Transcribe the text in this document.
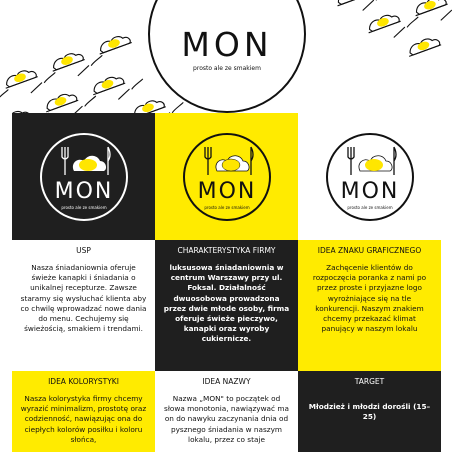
MON
prosto ale ze smakiem
MON
prosto ale ze smakiem
MON
prosto ale ze smakiem
MON
prosto ale ze smakiem
USP
Nasza śniadaniownia oferuje świeże kanapki i śniadania o unikalnej recepturze. Zawsze staramy się wysłuchać klienta aby co chwilę wprowadzać nowe dania do menu. Cechujemy się świeżością, smakiem i trendami.
CHARAKTERYSTYKA FIRMY
luksusowa śniadaniownia w centrum Warszawy przy ul. Foksal. Działalność dwuosobowa prowadzona przez dwie młode osoby, firma oferuje świeże pieczywo, kanapki oraz wyroby cukiernicze.
IDEA ZNAKU GRAFICZNEGO
Zachęcenie klientów do rozpoczęcia poranka z nami po przez proste i przyjazne logo wyrożniające się na tle konkurencji. Naszym znakiem chcemy przekazać klimat panujący w naszym lokalu
IDEA KOLORYSTYKI
Nasza kolorystyka firmy chcemy wyrazić minimalizm, prostotę oraz codzienność, nawiązując ona do ciepłych kolorów posiłku i koloru słońca,
IDEA NAZWY
Nazwa „MON" to początek od słowa monotonia, nawiązywać ma on do nawyku zaczynania dnia od pysznego śniadania w naszym lokalu, przez co staje
TARGET
Młodzież i młodzi dorośli (15–25)
